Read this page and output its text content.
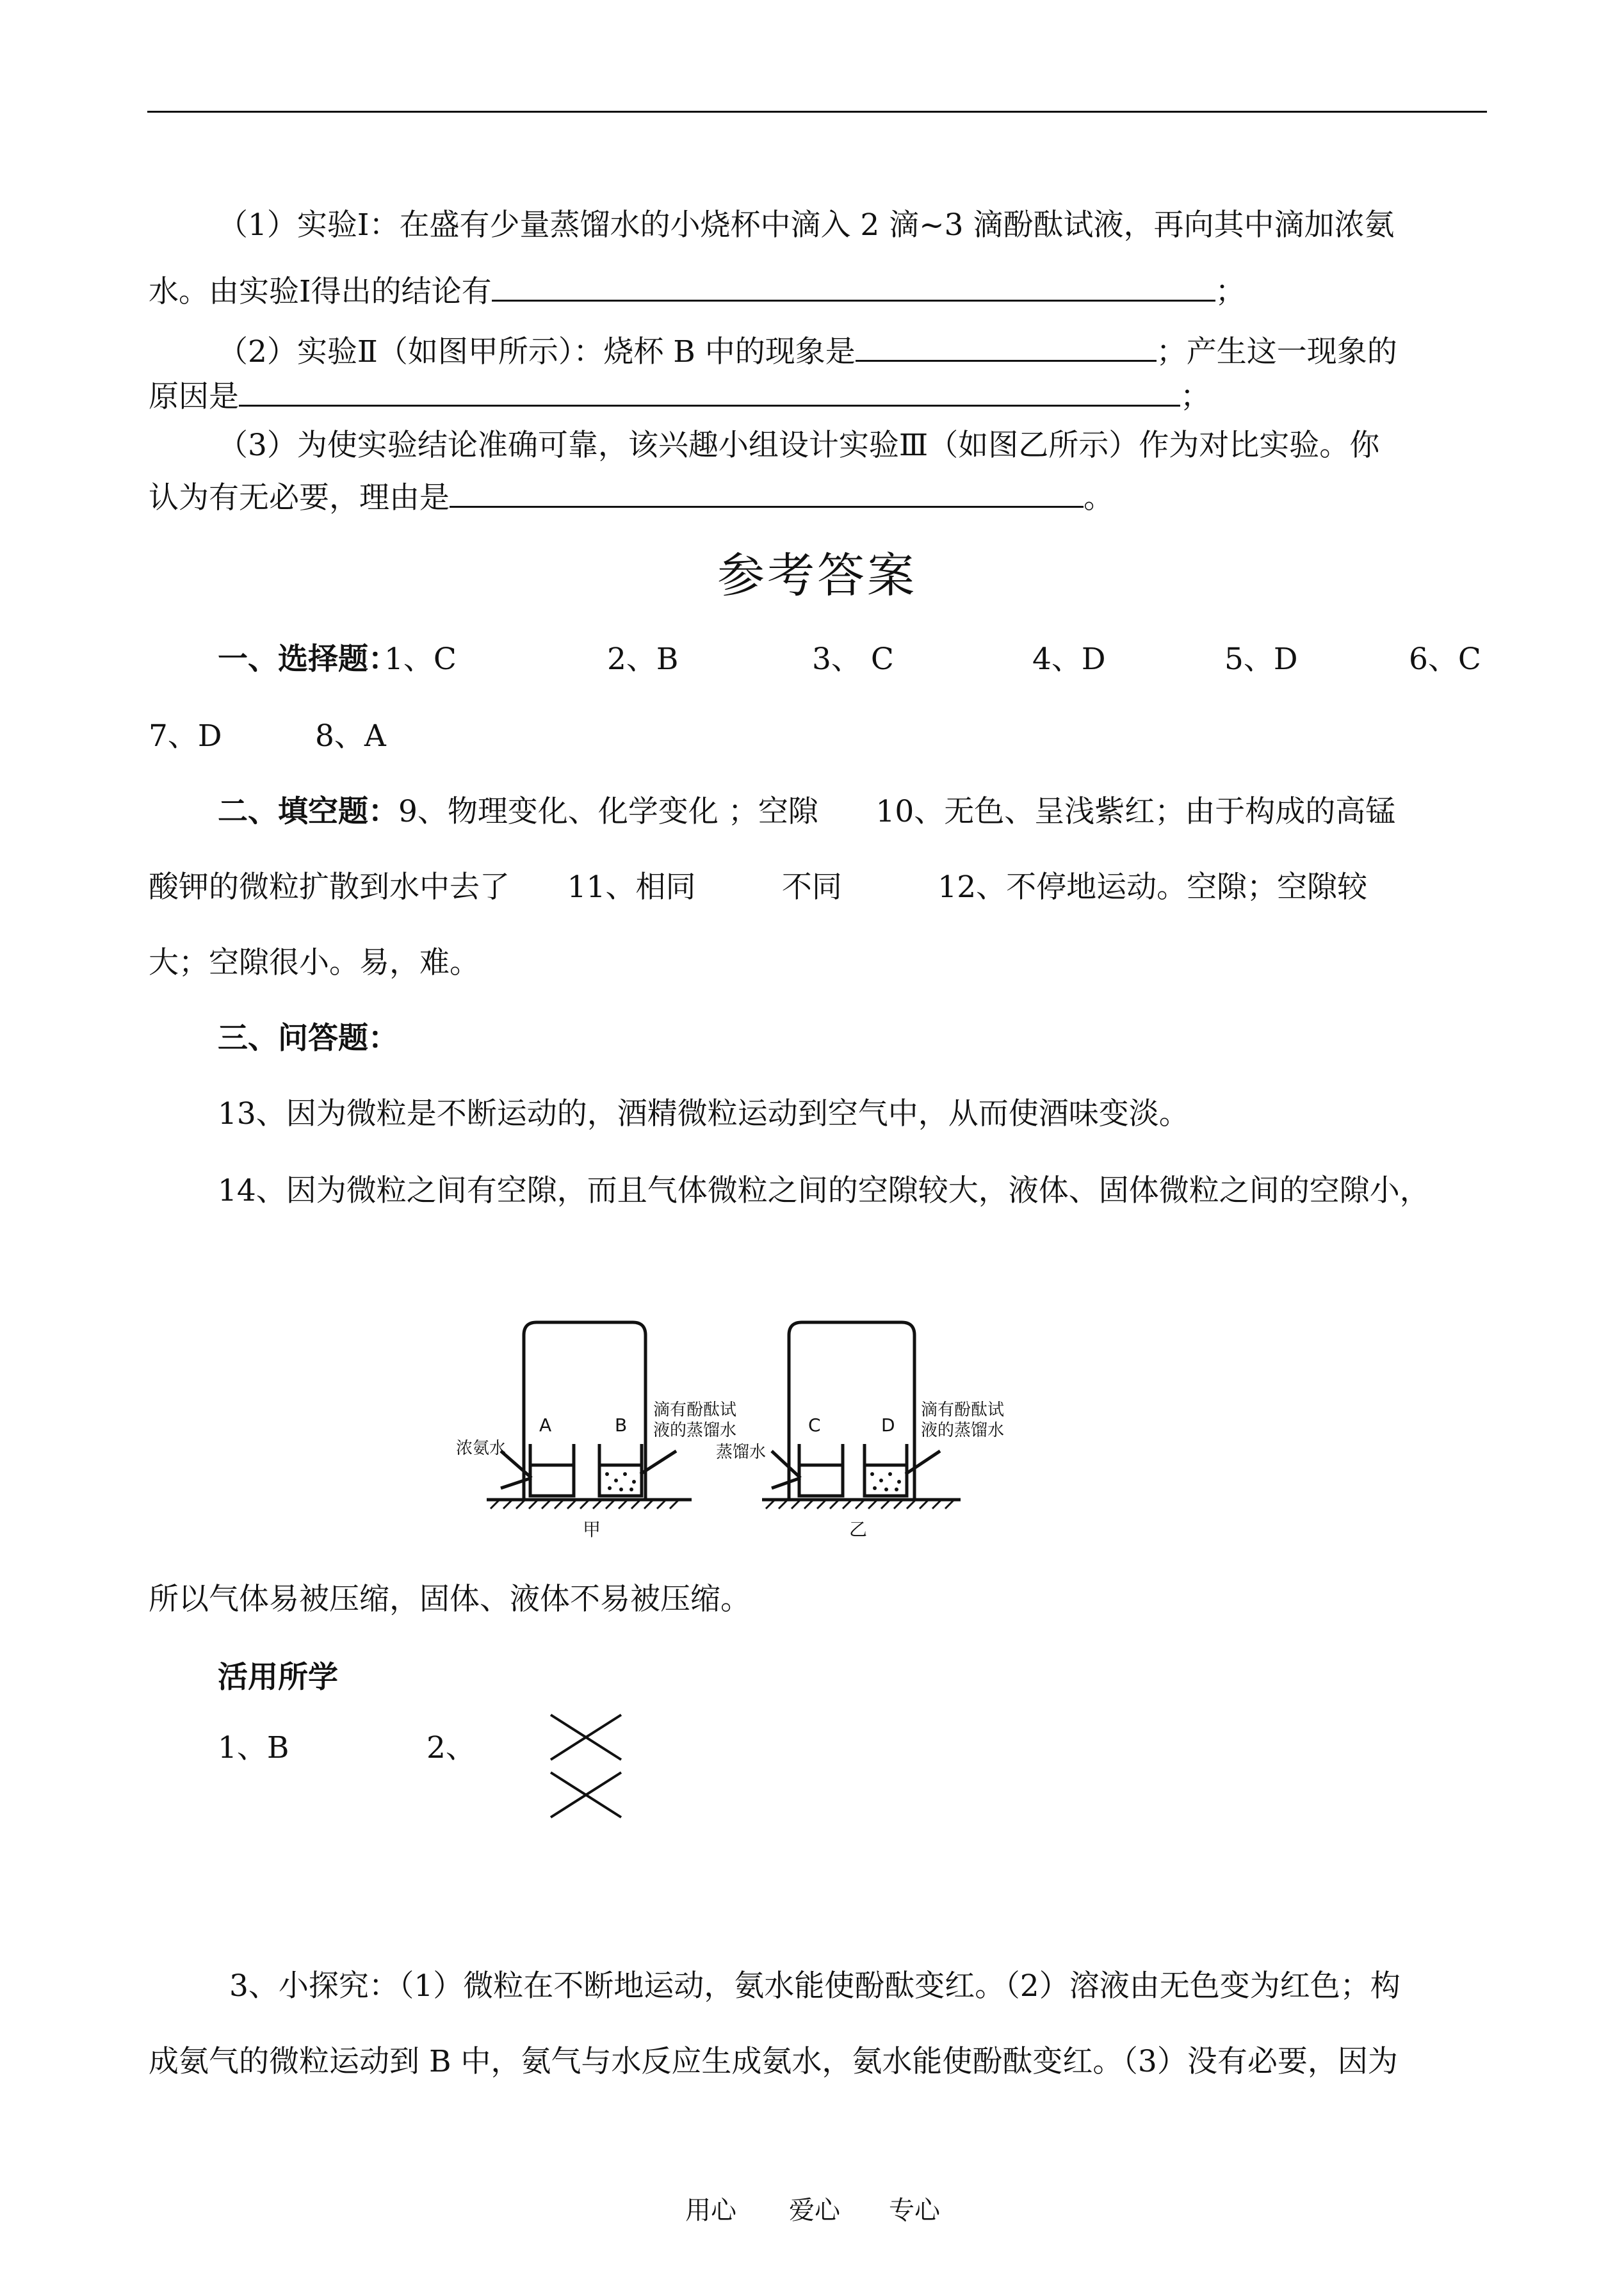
（1）实验Ⅰ：在盛有少量蒸馏水的小烧杯中滴入 2 滴~3 滴酚酞试液，再向其中滴加浓氨
水。由实验Ⅰ得出的结论有	；
（2）实验Ⅱ（如图甲所示）：烧杯 B 中的现象是	；产生这一现象的
原因是	；
（3）为使实验结论准确可靠，该兴趣小组设计实验Ⅲ（如图乙所示）作为对比实验。你
认为有无必要，理由是	。
参考答案
一、选择题：
1、C	2、B	3、 C	4、D	5、D	6、C
7、D	8、A
二、填空题：9、物理变化、化学变化 ；空隙      10、无色、呈浅紫红；由于构成的高锰
酸钾的微粒扩散到水中去了      11、相同         不同          12、不停地运动。空隙；空隙较
大；空隙很小。易，难。
三、问答题：
13、因为微粒是不断运动的，酒精微粒运动到空气中，从而使酒味变淡。
14、因为微粒之间有空隙，而且气体微粒之间的空隙较大，液体、固体微粒之间的空隙小，
A	B	C	D
浓氨水
滴有酚酞试
液的蒸馏水
蒸馏水
滴有酚酞试
液的蒸馏水
甲	乙
所以气体易被压缩，固体、液体不易被压缩。
活用所学
1、B	2、
3、小探究：（1）微粒在不断地运动，氨水能使酚酞变红。（2）溶液由无色变为红色；构
成氨气的微粒运动到 B 中，氨气与水反应生成氨水，氨水能使酚酞变红。（3）没有必要，因为
用心 爱心 专心
